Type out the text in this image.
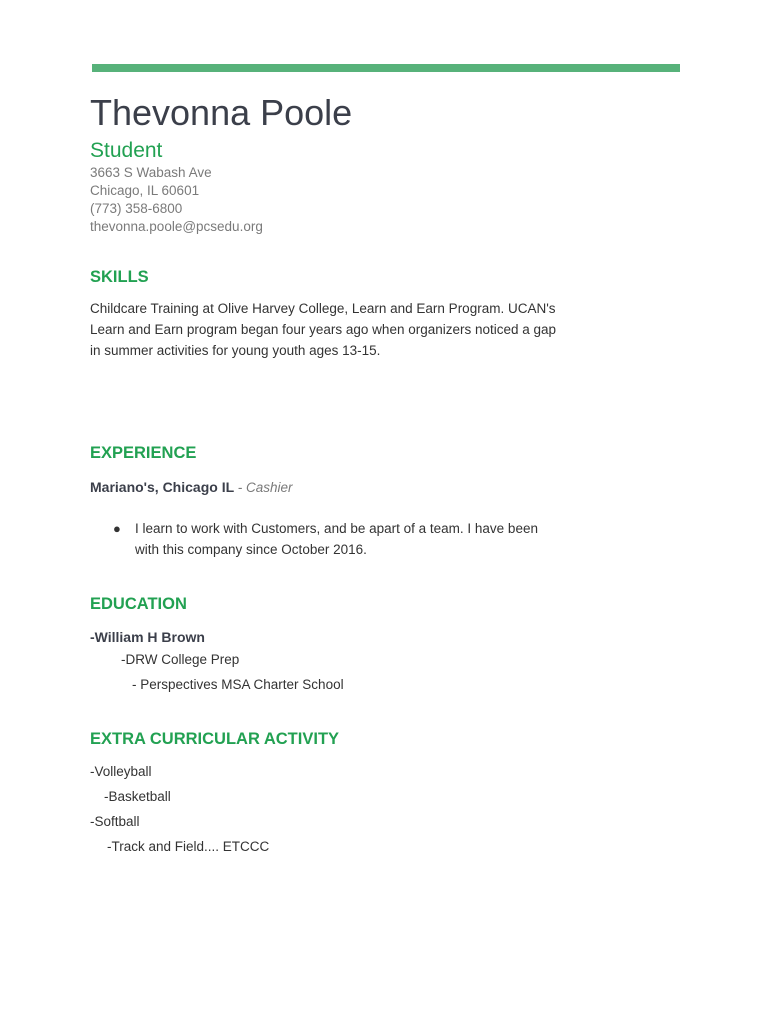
Thevonna Poole
Student
3663 S Wabash Ave
Chicago, IL 60601
(773) 358-6800
thevonna.poole@pcsedu.org
SKILLS
Childcare Training at Olive Harvey College, Learn and Earn Program. UCAN's
Learn and Earn program began four years ago when organizers noticed a gap
in summer activities for young youth ages 13-15.
EXPERIENCE
Mariano's, Chicago IL - Cashier
● I learn to work with Customers, and be apart of a team. I have been
with this company since October 2016.
EDUCATION
-William H Brown
-DRW College Prep
- Perspectives MSA Charter School
EXTRA CURRICULAR ACTIVITY
-Volleyball
-Basketball
-Softball
-Track and Field.... ETCCC
